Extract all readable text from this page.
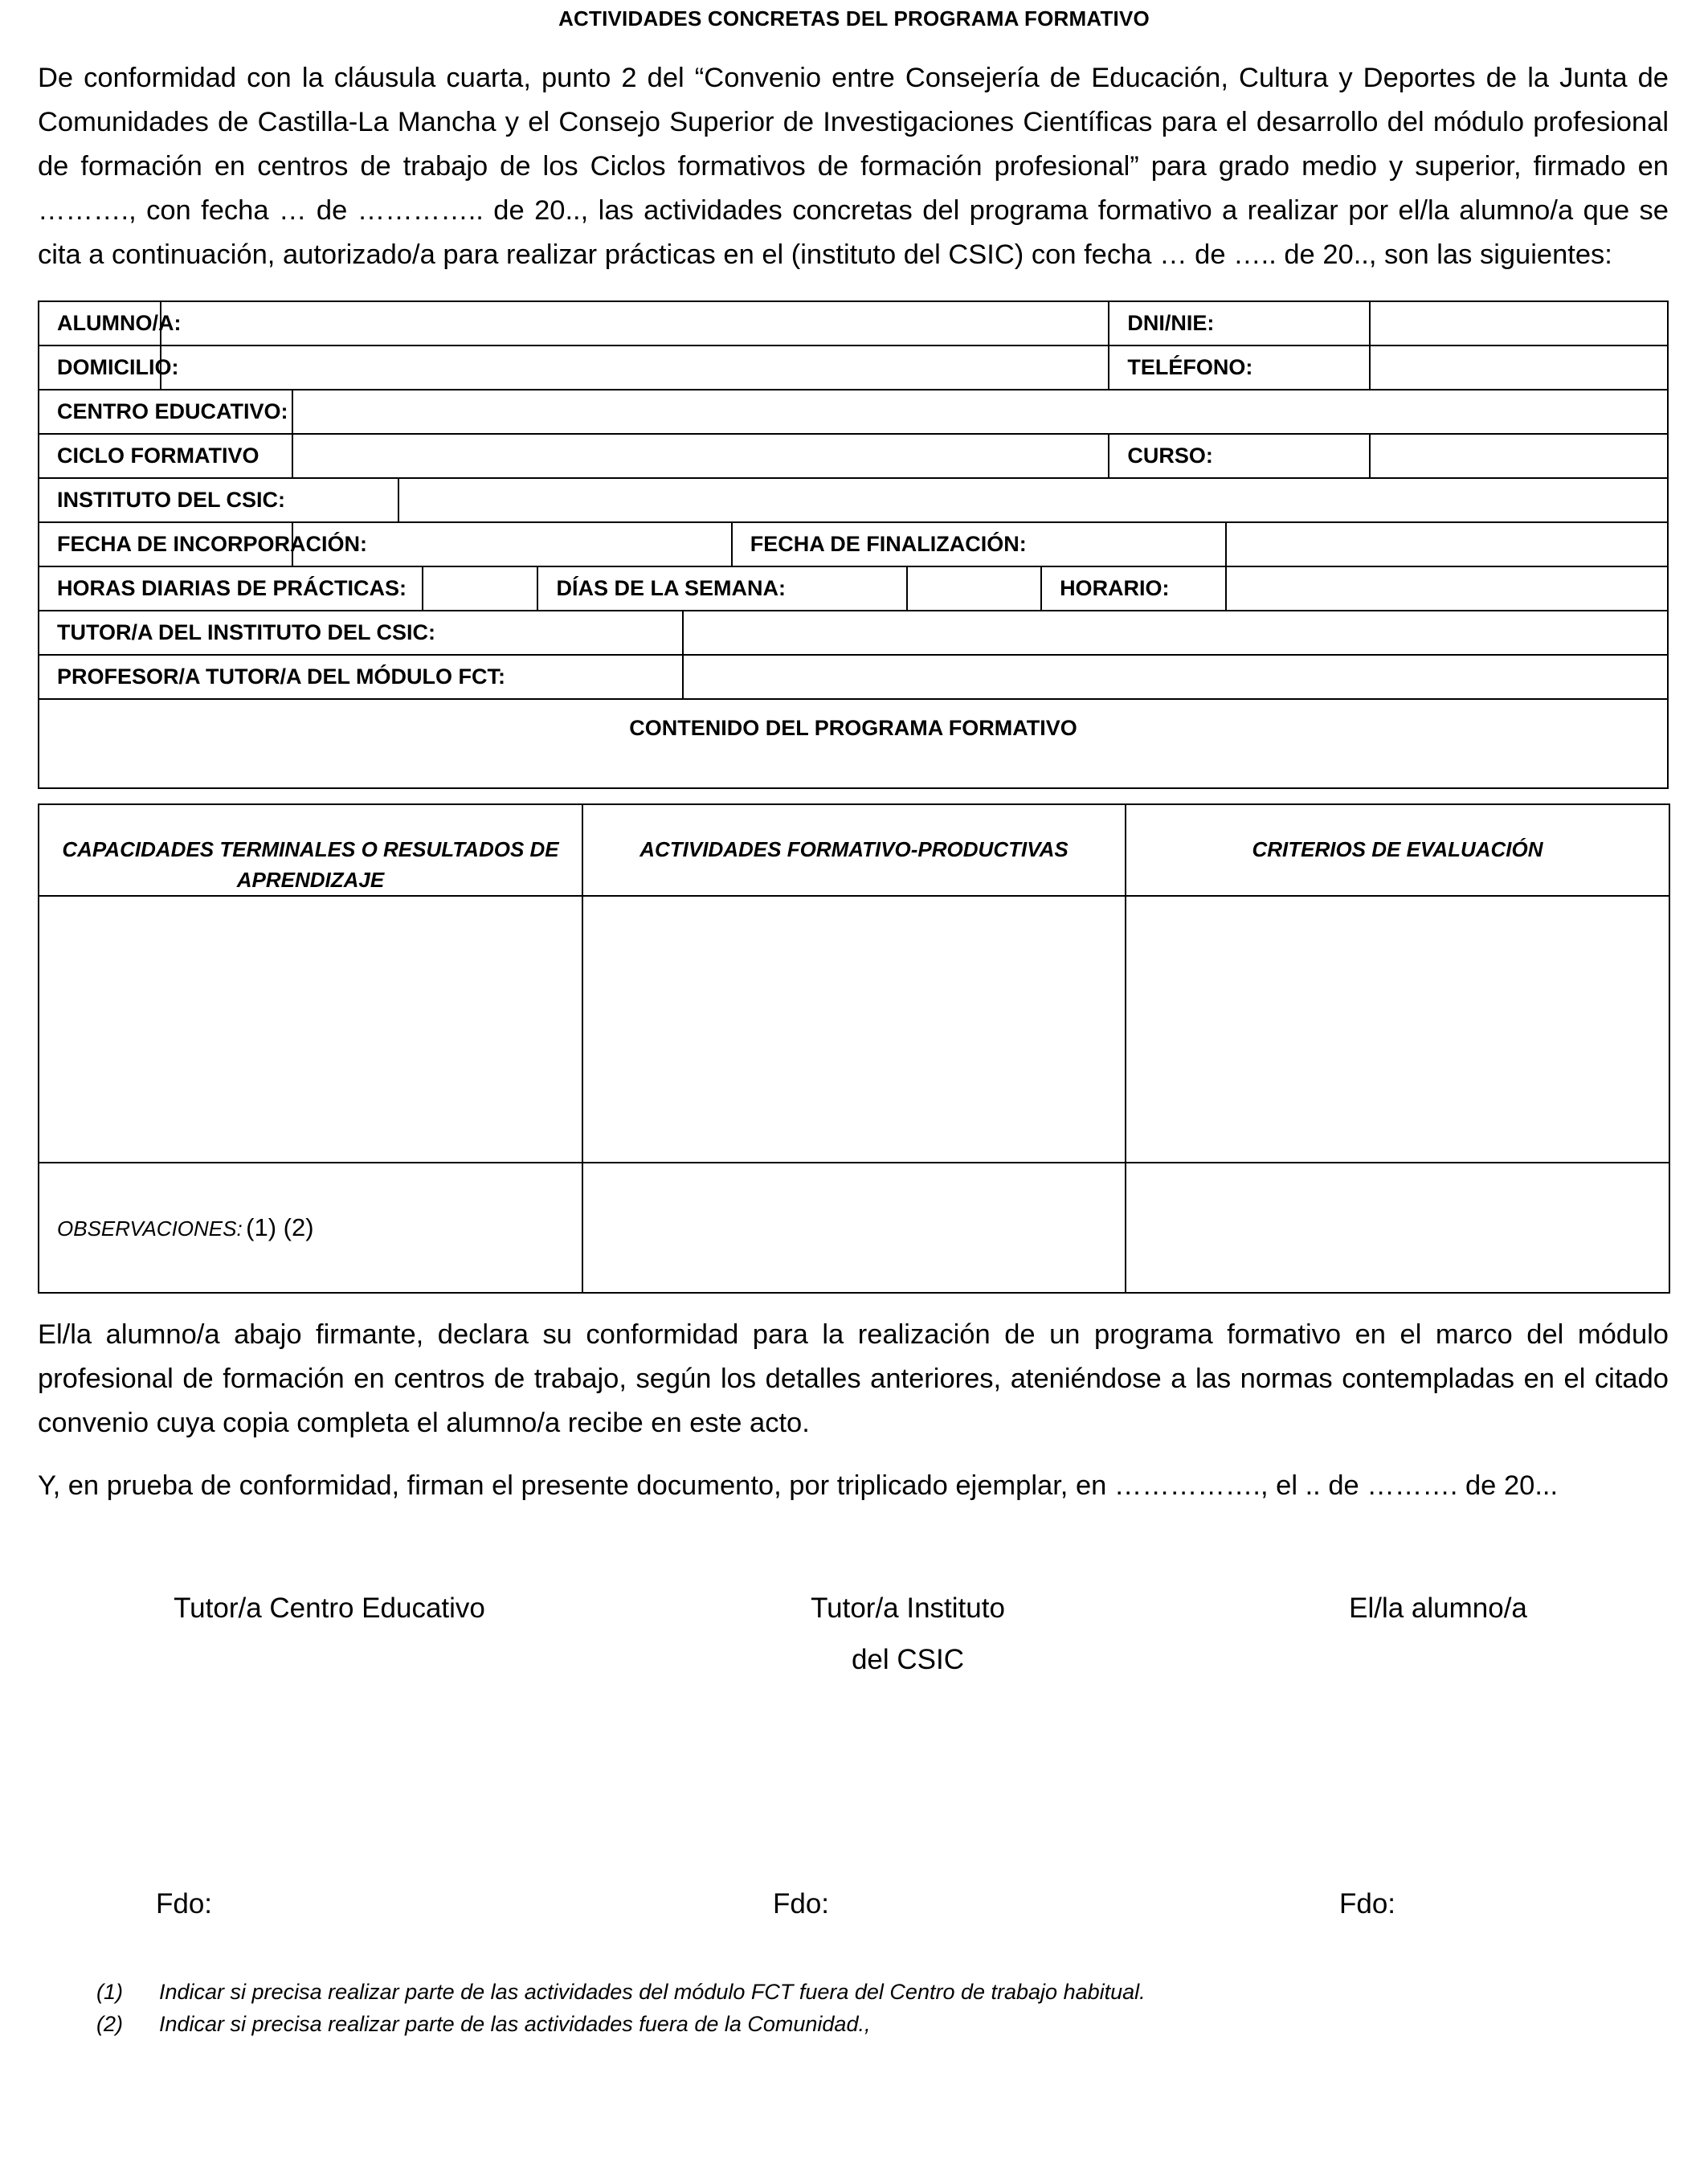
ACTIVIDADES CONCRETAS DEL PROGRAMA FORMATIVO

De conformidad con la cláusula cuarta, punto 2 del “Convenio entre Consejería de Educación, Cultura y Deportes de la Junta de Comunidades de Castilla-La Mancha y el Consejo Superior de Investigaciones Científicas para el desarrollo del módulo profesional de formación en centros de trabajo de los Ciclos formativos de formación profesional” para grado medio y superior, firmado en ………., con fecha … de ………….. de 20.., las actividades concretas del programa formativo a realizar por el/la alumno/a que se cita a continuación, autorizado/a para realizar prácticas en el (instituto del CSIC) con fecha … de ….. de 20.., son las siguientes:

ALUMNO/A:										DNI/NIE:		
DOMICILIO:										TELÉFONO:		
CENTRO EDUCATIVO:												
CICLO FORMATIVO										CURSO:		
INSTITUTO DEL CSIC:												
FECHA DE INCORPORACIÓN:							FECHA DE FINALIZACIÓN:					
HORAS DIARIAS DE PRÁCTICAS:					DÍAS DE LA SEMANA:				HORARIO:			
TUTOR/A DEL INSTITUTO DEL CSIC:												
PROFESOR/A TUTOR/A DEL MÓDULO FCT:												
CONTENIDO DEL PROGRAMA FORMATIVO												
CAPACIDADES TERMINALES O RESULTADOS DE APRENDIZAJE	ACTIVIDADES FORMATIVO-PRODUCTIVAS	CRITERIOS DE EVALUACIÓN

OBSERVACIONES: (1) (2)		

El/la alumno/a abajo firmante, declara su conformidad para la realización de un programa formativo en el marco del módulo profesional de formación en centros de trabajo, según los detalles anteriores, ateniéndose a las normas contempladas en el citado convenio cuya copia completa el alumno/a recibe en este acto.

Y, en prueba de conformidad, firman el presente documento, por triplicado ejemplar, en ……………., el .. de ………. de 20...

Tutor/a Centro Educativo	Tutor/a Instituto
del CSIC
El/la alumno/a
Fdo:	Fdo:	Fdo:
(1)	Indicar si precisa realizar parte de las actividades del módulo FCT fuera del Centro de trabajo habitual.
(2)	Indicar si precisa realizar parte de las actividades fuera de la Comunidad.,
